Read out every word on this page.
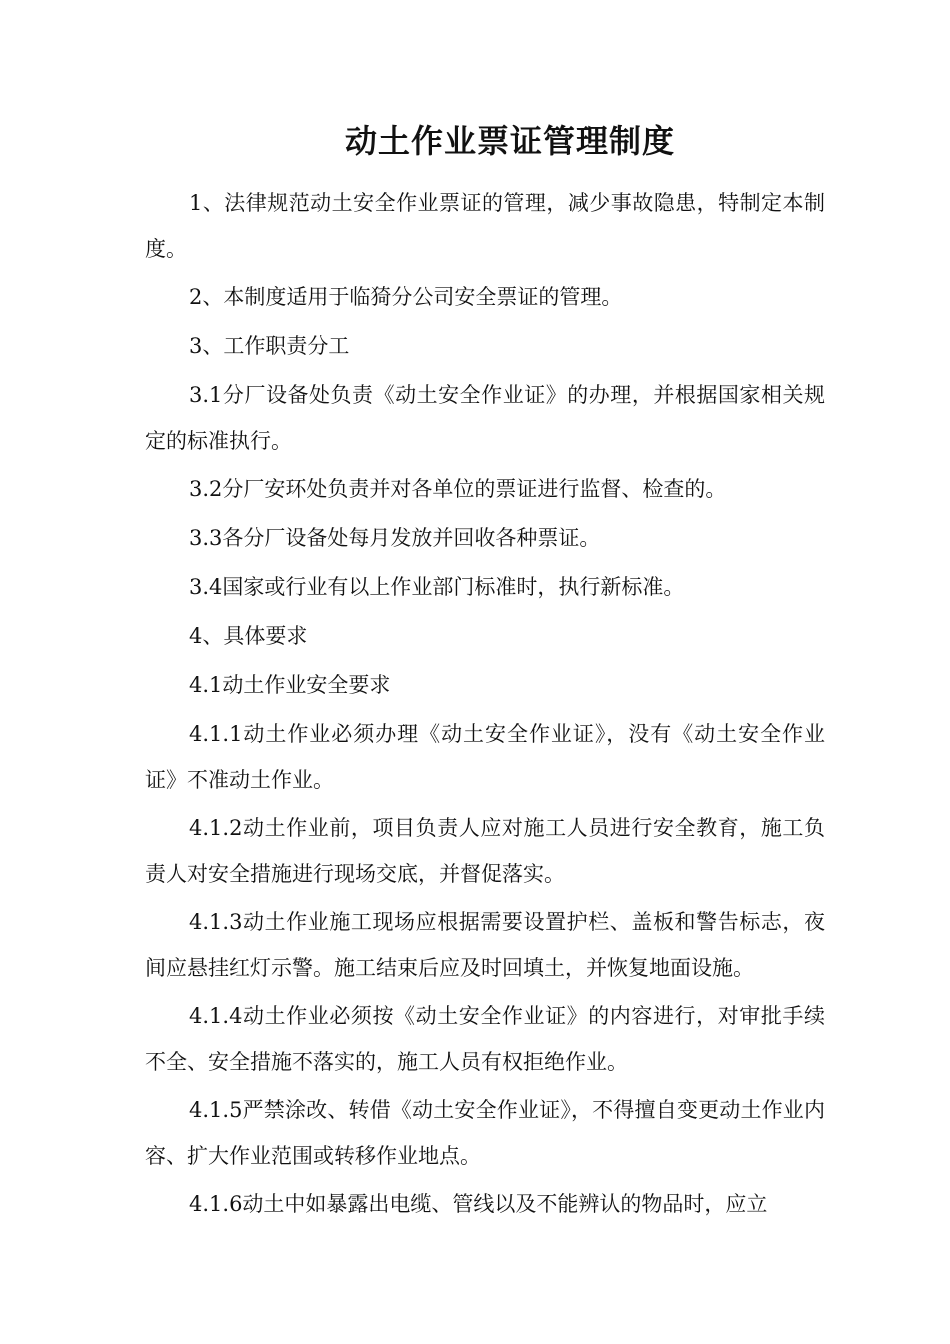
动土作业票证管理制度

1、法律规范动土安全作业票证的管理，减少事故隐患，特制定本制度。

2、本制度适用于临猗分公司安全票证的管理。

3、工作职责分工

3.1分厂设备处负责《动土安全作业证》的办理，并根据国家相关规定的标准执行。

3.2分厂安环处负责并对各单位的票证进行监督、检查的。

3.3各分厂设备处每月发放并回收各种票证。

3.4国家或行业有以上作业部门标准时，执行新标准。

4、具体要求

4.1动土作业安全要求

4.1.1动土作业必须办理《动土安全作业证》，没有《动土安全作业证》不准动土作业。

4.1.2动土作业前，项目负责人应对施工人员进行安全教育，施工负责人对安全措施进行现场交底，并督促落实。

4.1.3动土作业施工现场应根据需要设置护栏、盖板和警告标志，夜间应悬挂红灯示警。施工结束后应及时回填土，并恢复地面设施。

4.1.4动土作业必须按《动土安全作业证》的内容进行，对审批手续不全、安全措施不落实的，施工人员有权拒绝作业。

4.1.5严禁涂改、转借《动土安全作业证》，不得擅自变更动土作业内容、扩大作业范围或转移作业地点。

4.1.6动土中如暴露出电缆、管线以及不能辨认的物品时，应立
